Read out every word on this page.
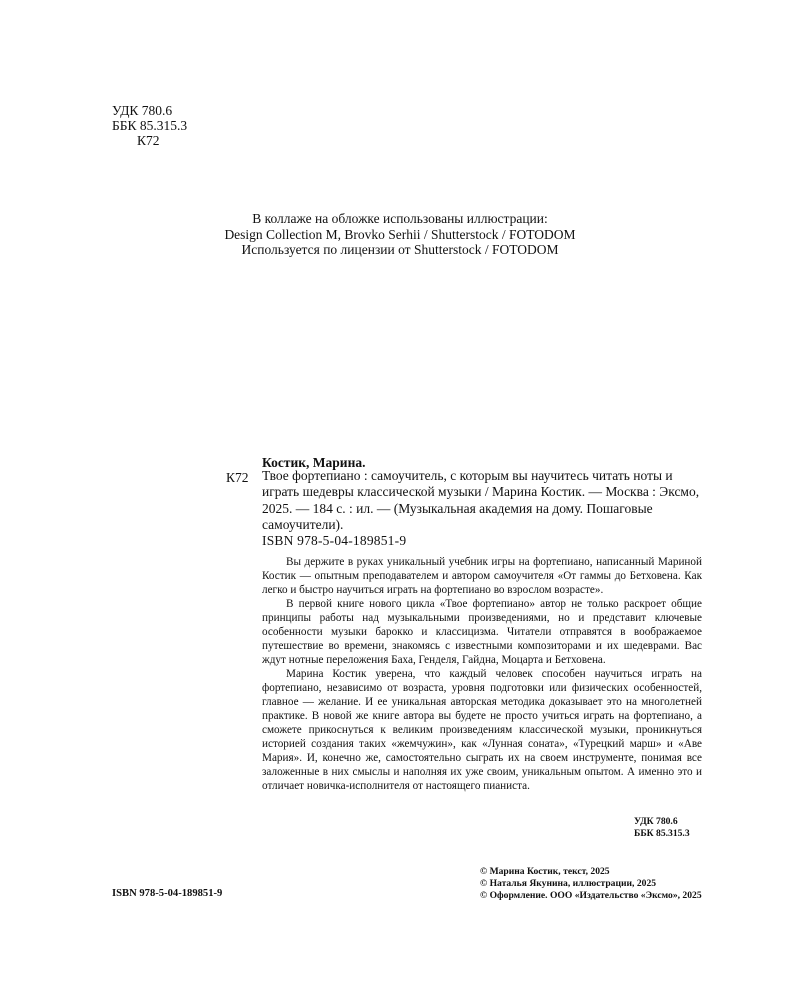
УДК 780.6
ББК 85.315.3
К72
В коллаже на обложке использованы иллюстрации:
Design Collection M, Brovko Serhii / Shutterstock / FOTODOM
Используется по лицензии от Shutterstock / FOTODOM
Костик, Марина.
К72 Твое фортепиано : самоучитель, с которым вы научитесь читать ноты и играть шедевры классической музыки / Марина Костик. — Москва : Эксмо, 2025. — 184 с. : ил. — (Музыкальная академия на дому. Пошаговые самоучители).
ISBN 978-5-04-189851-9

Вы держите в руках уникальный учебник игры на фортепиано, написанный Мариной Костик — опытным преподавателем и автором самоучителя «От гаммы до Бетховена. Как легко и быстро научиться играть на фортепиано во взрослом возрасте».

В первой книге нового цикла «Твое фортепиано» автор не только раскроет общие принципы работы над музыкальными произведениями, но и представит ключевые особенности музыки барокко и классицизма. Читатели отправятся в воображаемое путешествие во времени, знакомясь с известными композиторами и их шедеврами. Вас ждут нотные переложения Баха, Генделя, Гайдна, Моцарта и Бетховена.

Марина Костик уверена, что каждый человек способен научиться играть на фортепиано, независимо от возраста, уровня подготовки или физических особенностей, главное — желание. И ее уникальная авторская методика доказывает это на многолетней практике. В новой же книге автора вы будете не просто учиться играть на фортепиано, а сможете прикоснуться к великим произведениям классической музыки, проникнуться историей создания таких «жемчужин», как «Лунная соната», «Турецкий марш» и «Аве Мария». И, конечно же, самостоятельно сыграть их на своем инструменте, понимая все заложенные в них смыслы и наполняя их уже своим, уникальным опытом. А именно это и отличает новичка-исполнителя от настоящего пианиста.

УДК 780.6
ББК 85.315.3
© Марина Костик, текст, 2025
© Наталья Якунина, иллюстрации, 2025
© Оформление. ООО «Издательство «Эксмо», 2025
ISBN 978-5-04-189851-9
